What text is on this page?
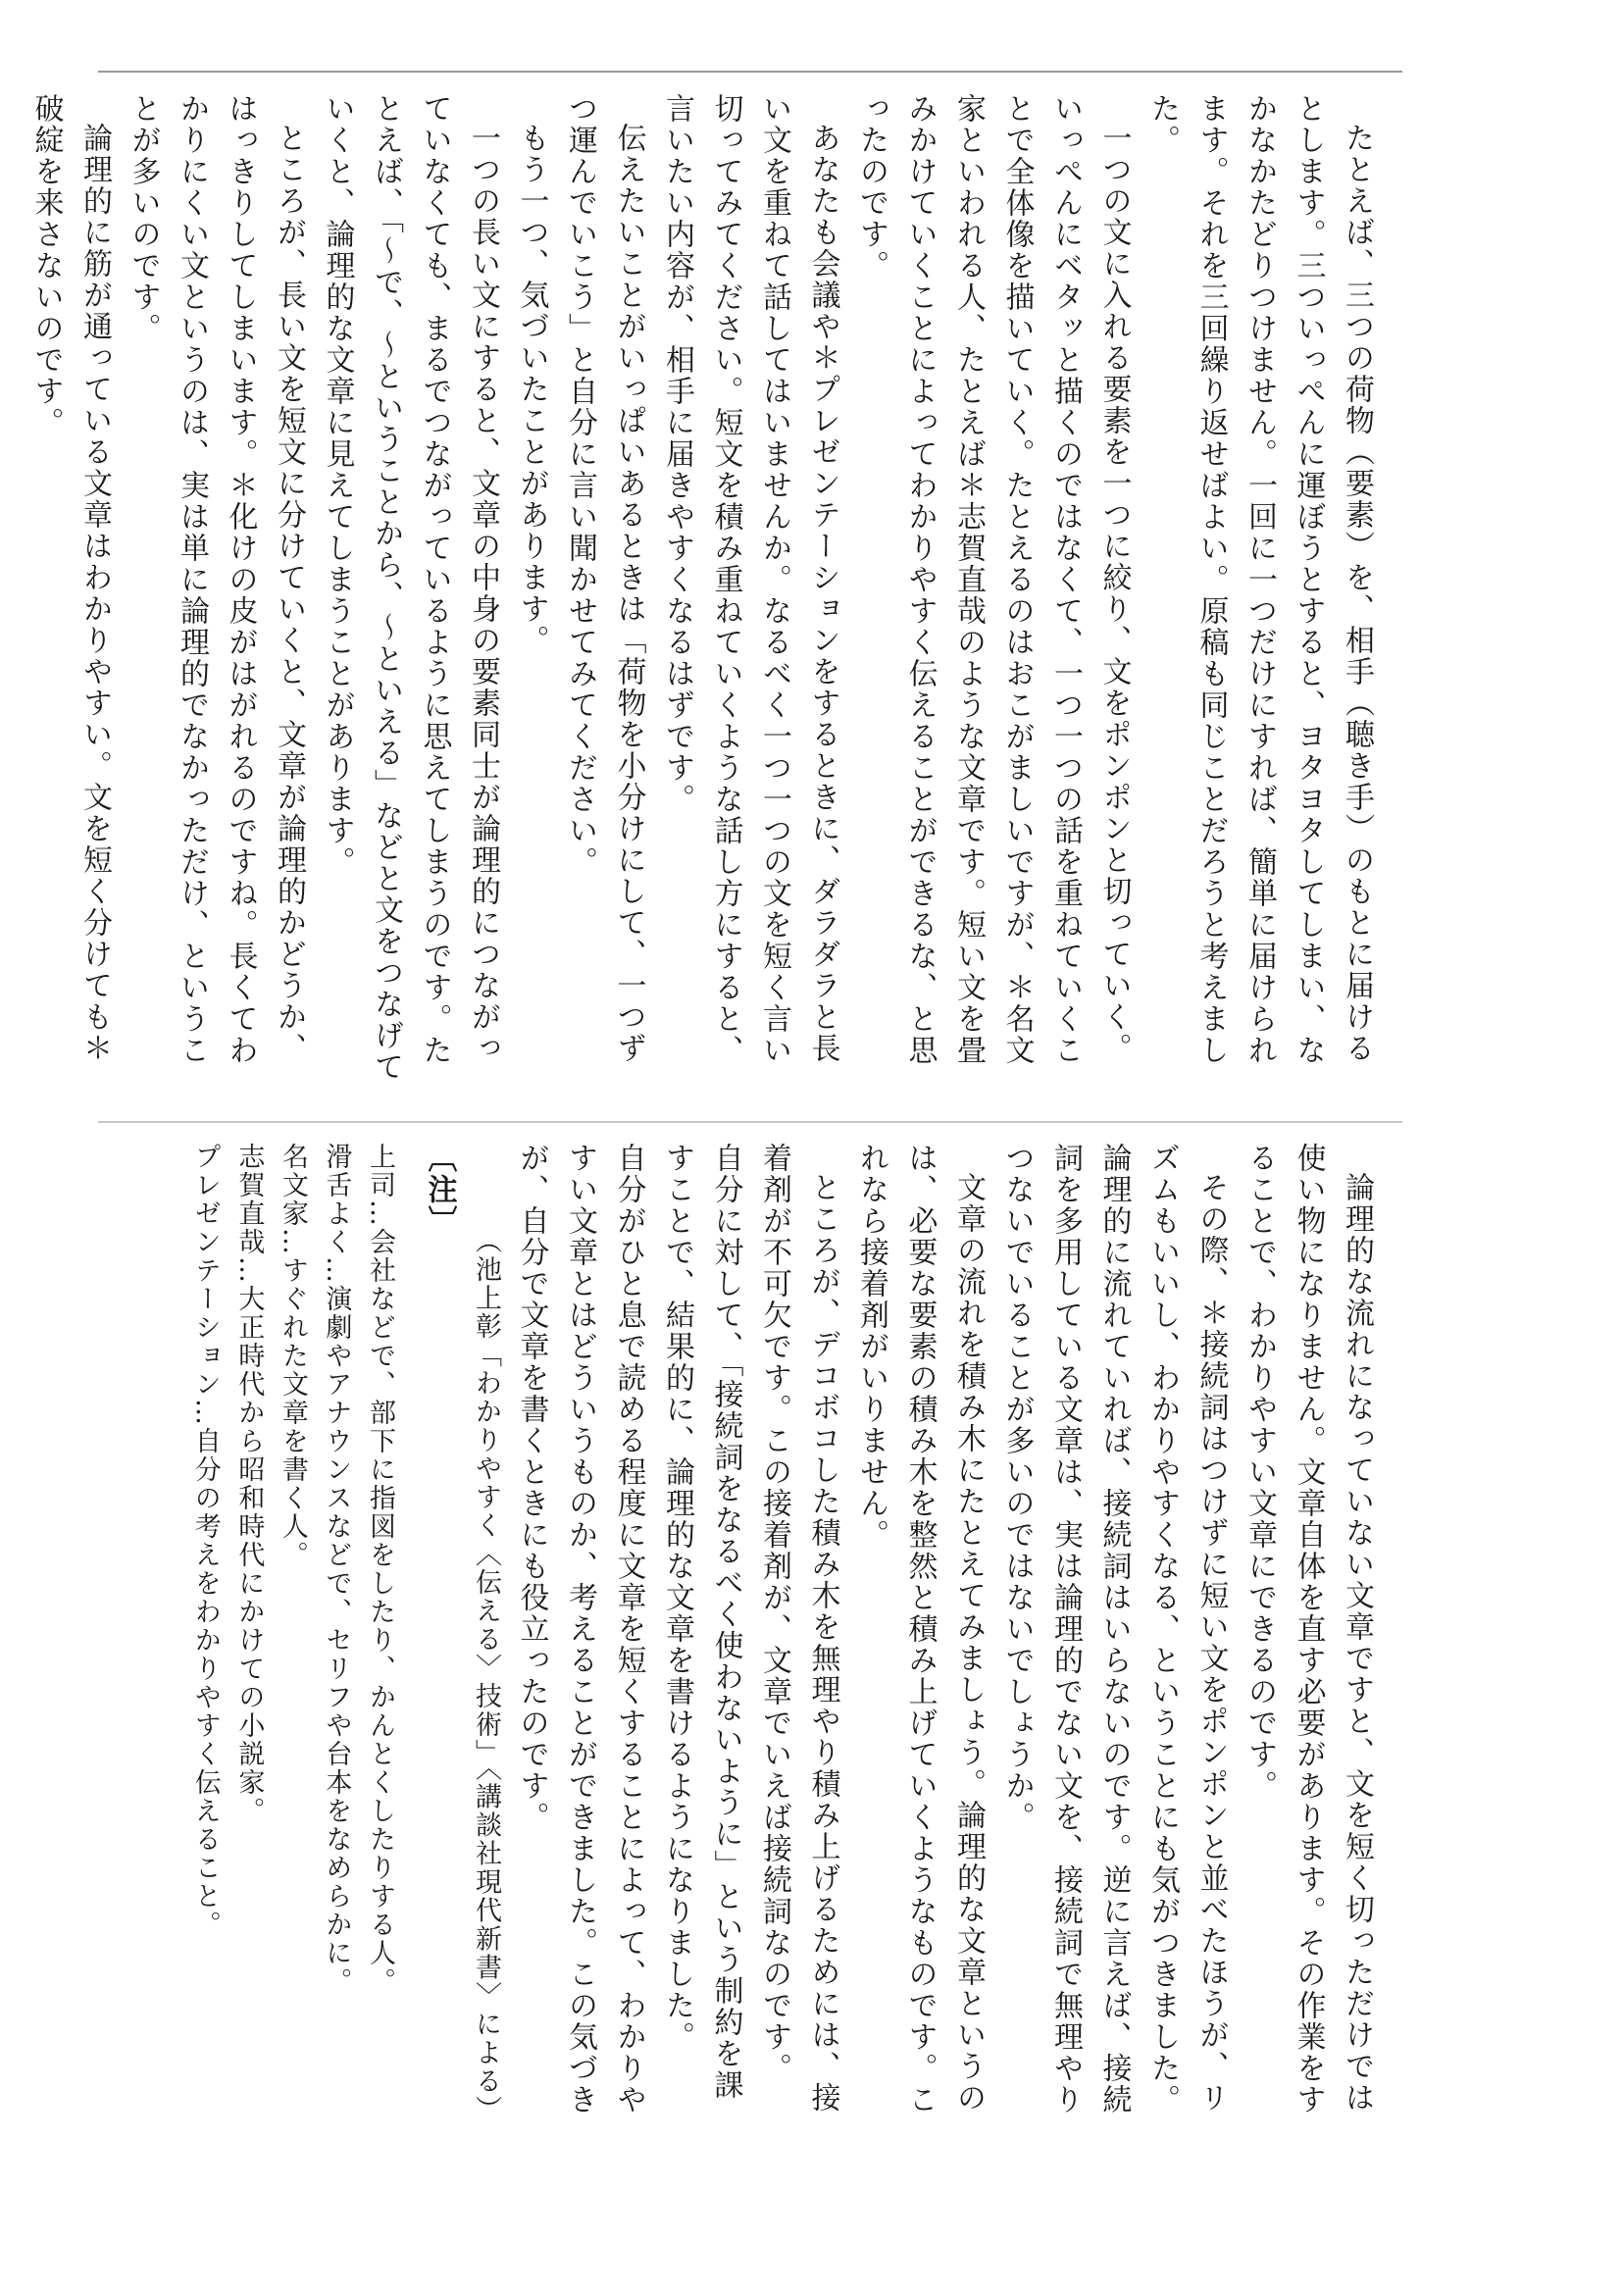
たとえば、三つの荷物（要素）を、相手（聴き手）のもとに届けるとします。三ついっぺんに運ぼうとすると、ヨタヨタしてしまい、なかなかたどりつけません。一回に一つだけにすれば、簡単に届けられます。それを三回繰り返せばよい。原稿も同じことだろうと考えました。

一つの文に入れる要素を一つに絞り、文をポンポンと切っていく。いっぺんにベタッと描くのではなくて、一つ一つの話を重ねていくことで全体像を描いていく。たとえるのはおこがましいですが、＊名文家といわれる人、たとえば＊志賀直哉のような文章です。短い文を畳みかけていくことによってわかりやすく伝えることができるな、と思ったのです。

あなたも会議や＊プレゼンテーションをするときに、ダラダラと長い文を重ねて話してはいませんか。なるべく一つ一つの文を短く言い切ってみてください。短文を積み重ねていくような話し方にすると、言いたい内容が、相手に届きやすくなるはずです。

伝えたいことがいっぱいあるときは「荷物を小分けにして、一つずつ運んでいこう」と自分に言い聞かせてみてください。

もう一つ、気づいたことがあります。

一つの長い文にすると、文章の中身の要素同士が論理的につながっていなくても、まるでつながっているように思えてしまうのです。たとえば、「〜で、〜ということから、〜といえる」などと文をつなげていくと、論理的な文章に見えてしまうことがあります。

ところが、長い文を短文に分けていくと、文章が論理的かどうか、はっきりしてしまいます。＊化けの皮がはがれるのですね。長くてわかりにくい文というのは、実は単に論理的でなかっただけ、ということが多いのです。

論理的に筋が通っている文章はわかりやすい。文を短く分けても＊破綻を来さないのです。

論理的な流れになっていない文章ですと、文を短く切っただけでは使い物になりません。文章自体を直す必要があります。その作業をすることで、わかりやすい文章にできるのです。

その際、＊接続詞はつけずに短い文をポンポンと並べたほうが、リズムもいいし、わかりやすくなる、ということにも気がつきました。論理的に流れていれば、接続詞はいらないのです。逆に言えば、接続詞を多用している文章は、実は論理的でない文を、接続詞で無理やりつないでいることが多いのではないでしょうか。

文章の流れを積み木にたとえてみましょう。論理的な文章というのは、必要な要素の積み木を整然と積み上げていくようなものです。これなら接着剤がいりません。

ところが、デコボコした積み木を無理やり積み上げるためには、接着剤が不可欠です。この接着剤が、文章でいえば接続詞なのです。

自分に対して、「接続詞をなるべく使わないように」という制約を課すことで、結果的に、論理的な文章を書けるようになりました。

自分がひと息で読める程度に文章を短くすることによって、わかりやすい文章とはどういうものか、考えることができました。この気づきが、自分で文章を書くときにも役立ったのです。

（池上彰「わかりやすく〈伝える〉技術」〈講談社現代新書〉による）

〔注〕

上司…会社などで、部下に指図をしたり、かんとくしたりする人。

滑舌よく…演劇やアナウンスなどで、セリフや台本をなめらかに。

名文家…すぐれた文章を書く人。

志賀直哉…大正時代から昭和時代にかけての小説家。

プレゼンテーション…自分の考えをわかりやすく伝えること。
